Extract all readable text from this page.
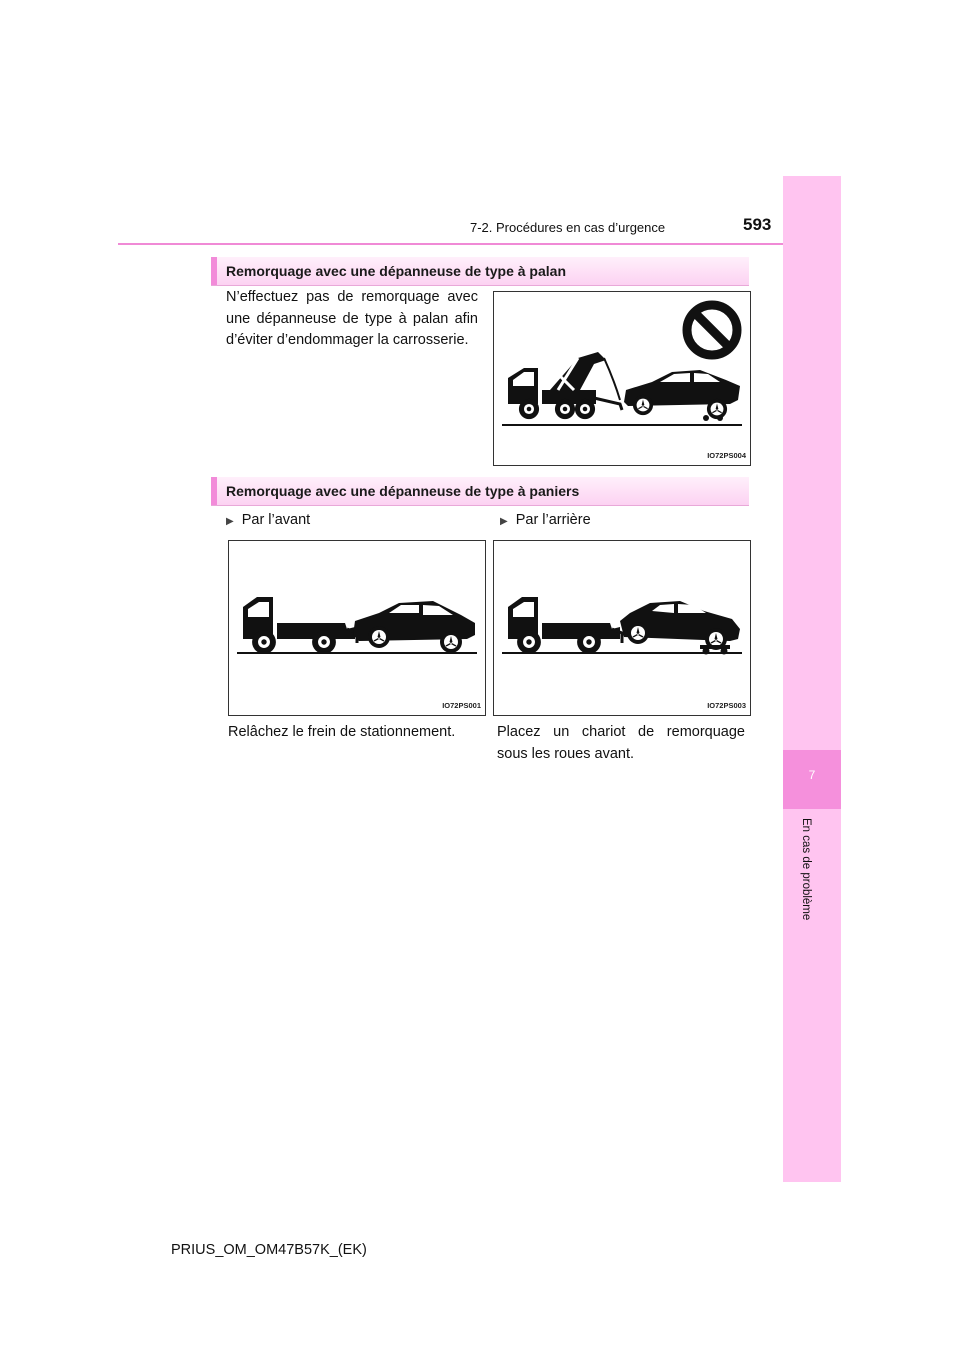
7-2. Procédures en cas d’urgence	593
7
En cas de problème
Remorquage avec une dépanneuse de type à palan
N’effectuez pas de remorquage avec une dépanneuse de type à palan afin d’éviter d’endommager la carrosserie.
IO72PS004
Remorquage avec une dépanneuse de type à paniers
▶ Par l’avant	▶ Par l’arrière
IO72PS001	IO72PS003
Relâchez le frein de stationnement.	Placez un chariot de remorquage sous les roues avant.
PRIUS_OM_OM47B57K_(EK)
